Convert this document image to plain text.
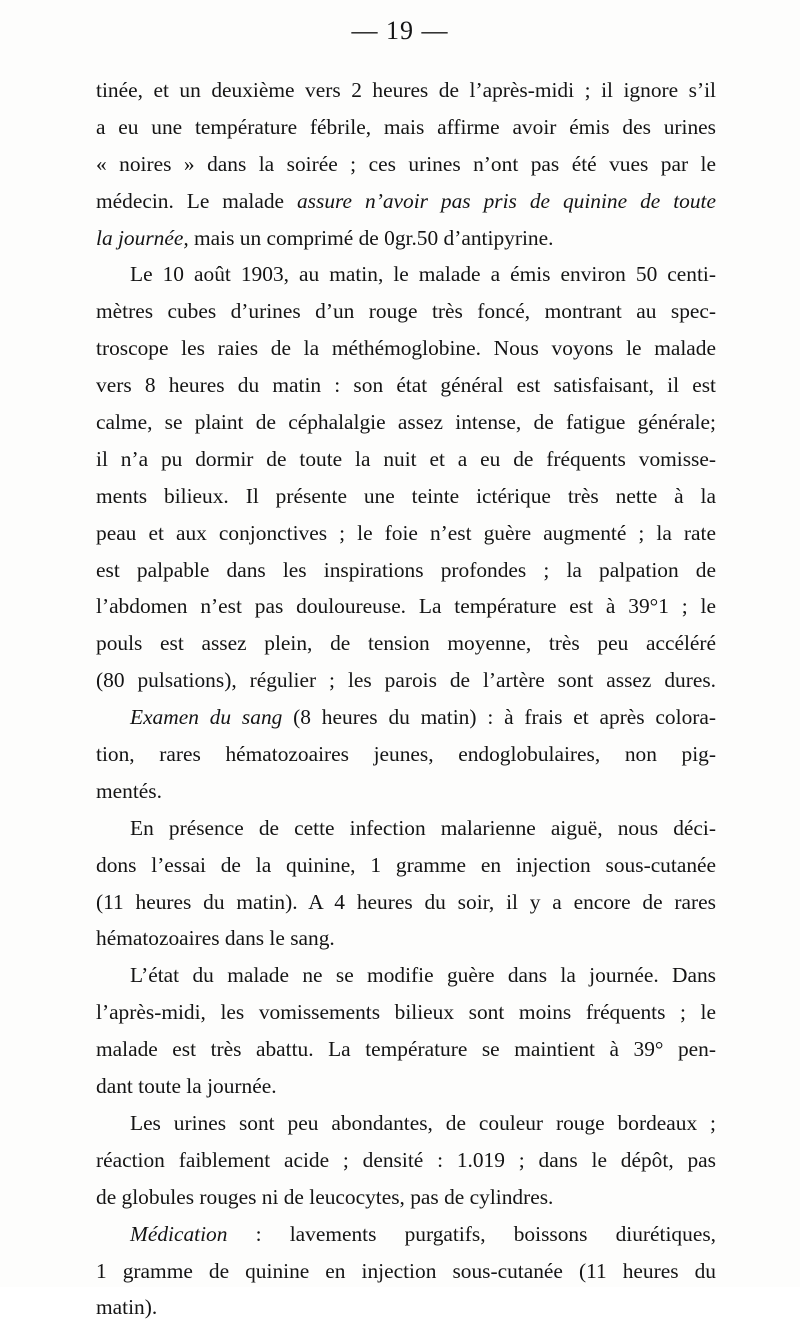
— 19 —
tinée, et un deuxième vers 2 heures de l’après-midi ; il ignore s’il
a eu une température fébrile, mais affirme avoir émis des urines
« noires » dans la soirée ; ces urines n’ont pas été vues par le
médecin. Le malade assure n’avoir pas pris de quinine de toute
la journée, mais un comprimé de 0gr.50 d’antipyrine.
Le 10 août 1903, au matin, le malade a émis environ 50 centi-
mètres cubes d’urines d’un rouge très foncé, montrant au spec-
troscope les raies de la méthémoglobine. Nous voyons le malade
vers 8 heures du matin : son état général est satisfaisant, il est
calme, se plaint de céphalalgie assez intense, de fatigue générale;
il n’a pu dormir de toute la nuit et a eu de fréquents vomisse-
ments bilieux. Il présente une teinte ictérique très nette à la
peau et aux conjonctives ; le foie n’est guère augmenté ; la rate
est palpable dans les inspirations profondes ; la palpation de
l’abdomen n’est pas douloureuse. La température est à 39°1 ; le
pouls est assez plein, de tension moyenne, très peu accéléré
(80 pulsations), régulier ; les parois de l’artère sont assez dures.
Examen du sang (8 heures du matin) : à frais et après colora-
tion, rares hématozoaires jeunes, endoglobulaires, non pig-
mentés.
En présence de cette infection malarienne aiguë, nous déci-
dons l’essai de la quinine, 1 gramme en injection sous-cutanée
(11 heures du matin). A 4 heures du soir, il y a encore de rares
hématozoaires dans le sang.
L’état du malade ne se modifie guère dans la journée. Dans
l’après-midi, les vomissements bilieux sont moins fréquents ; le
malade est très abattu. La température se maintient à 39° pen-
dant toute la journée.
Les urines sont peu abondantes, de couleur rouge bordeaux ;
réaction faiblement acide ; densité : 1.019 ; dans le dépôt, pas
de globules rouges ni de leucocytes, pas de cylindres.
Médication : lavements purgatifs, boissons diurétiques,
1 gramme de quinine en injection sous-cutanée (11 heures du
matin).
